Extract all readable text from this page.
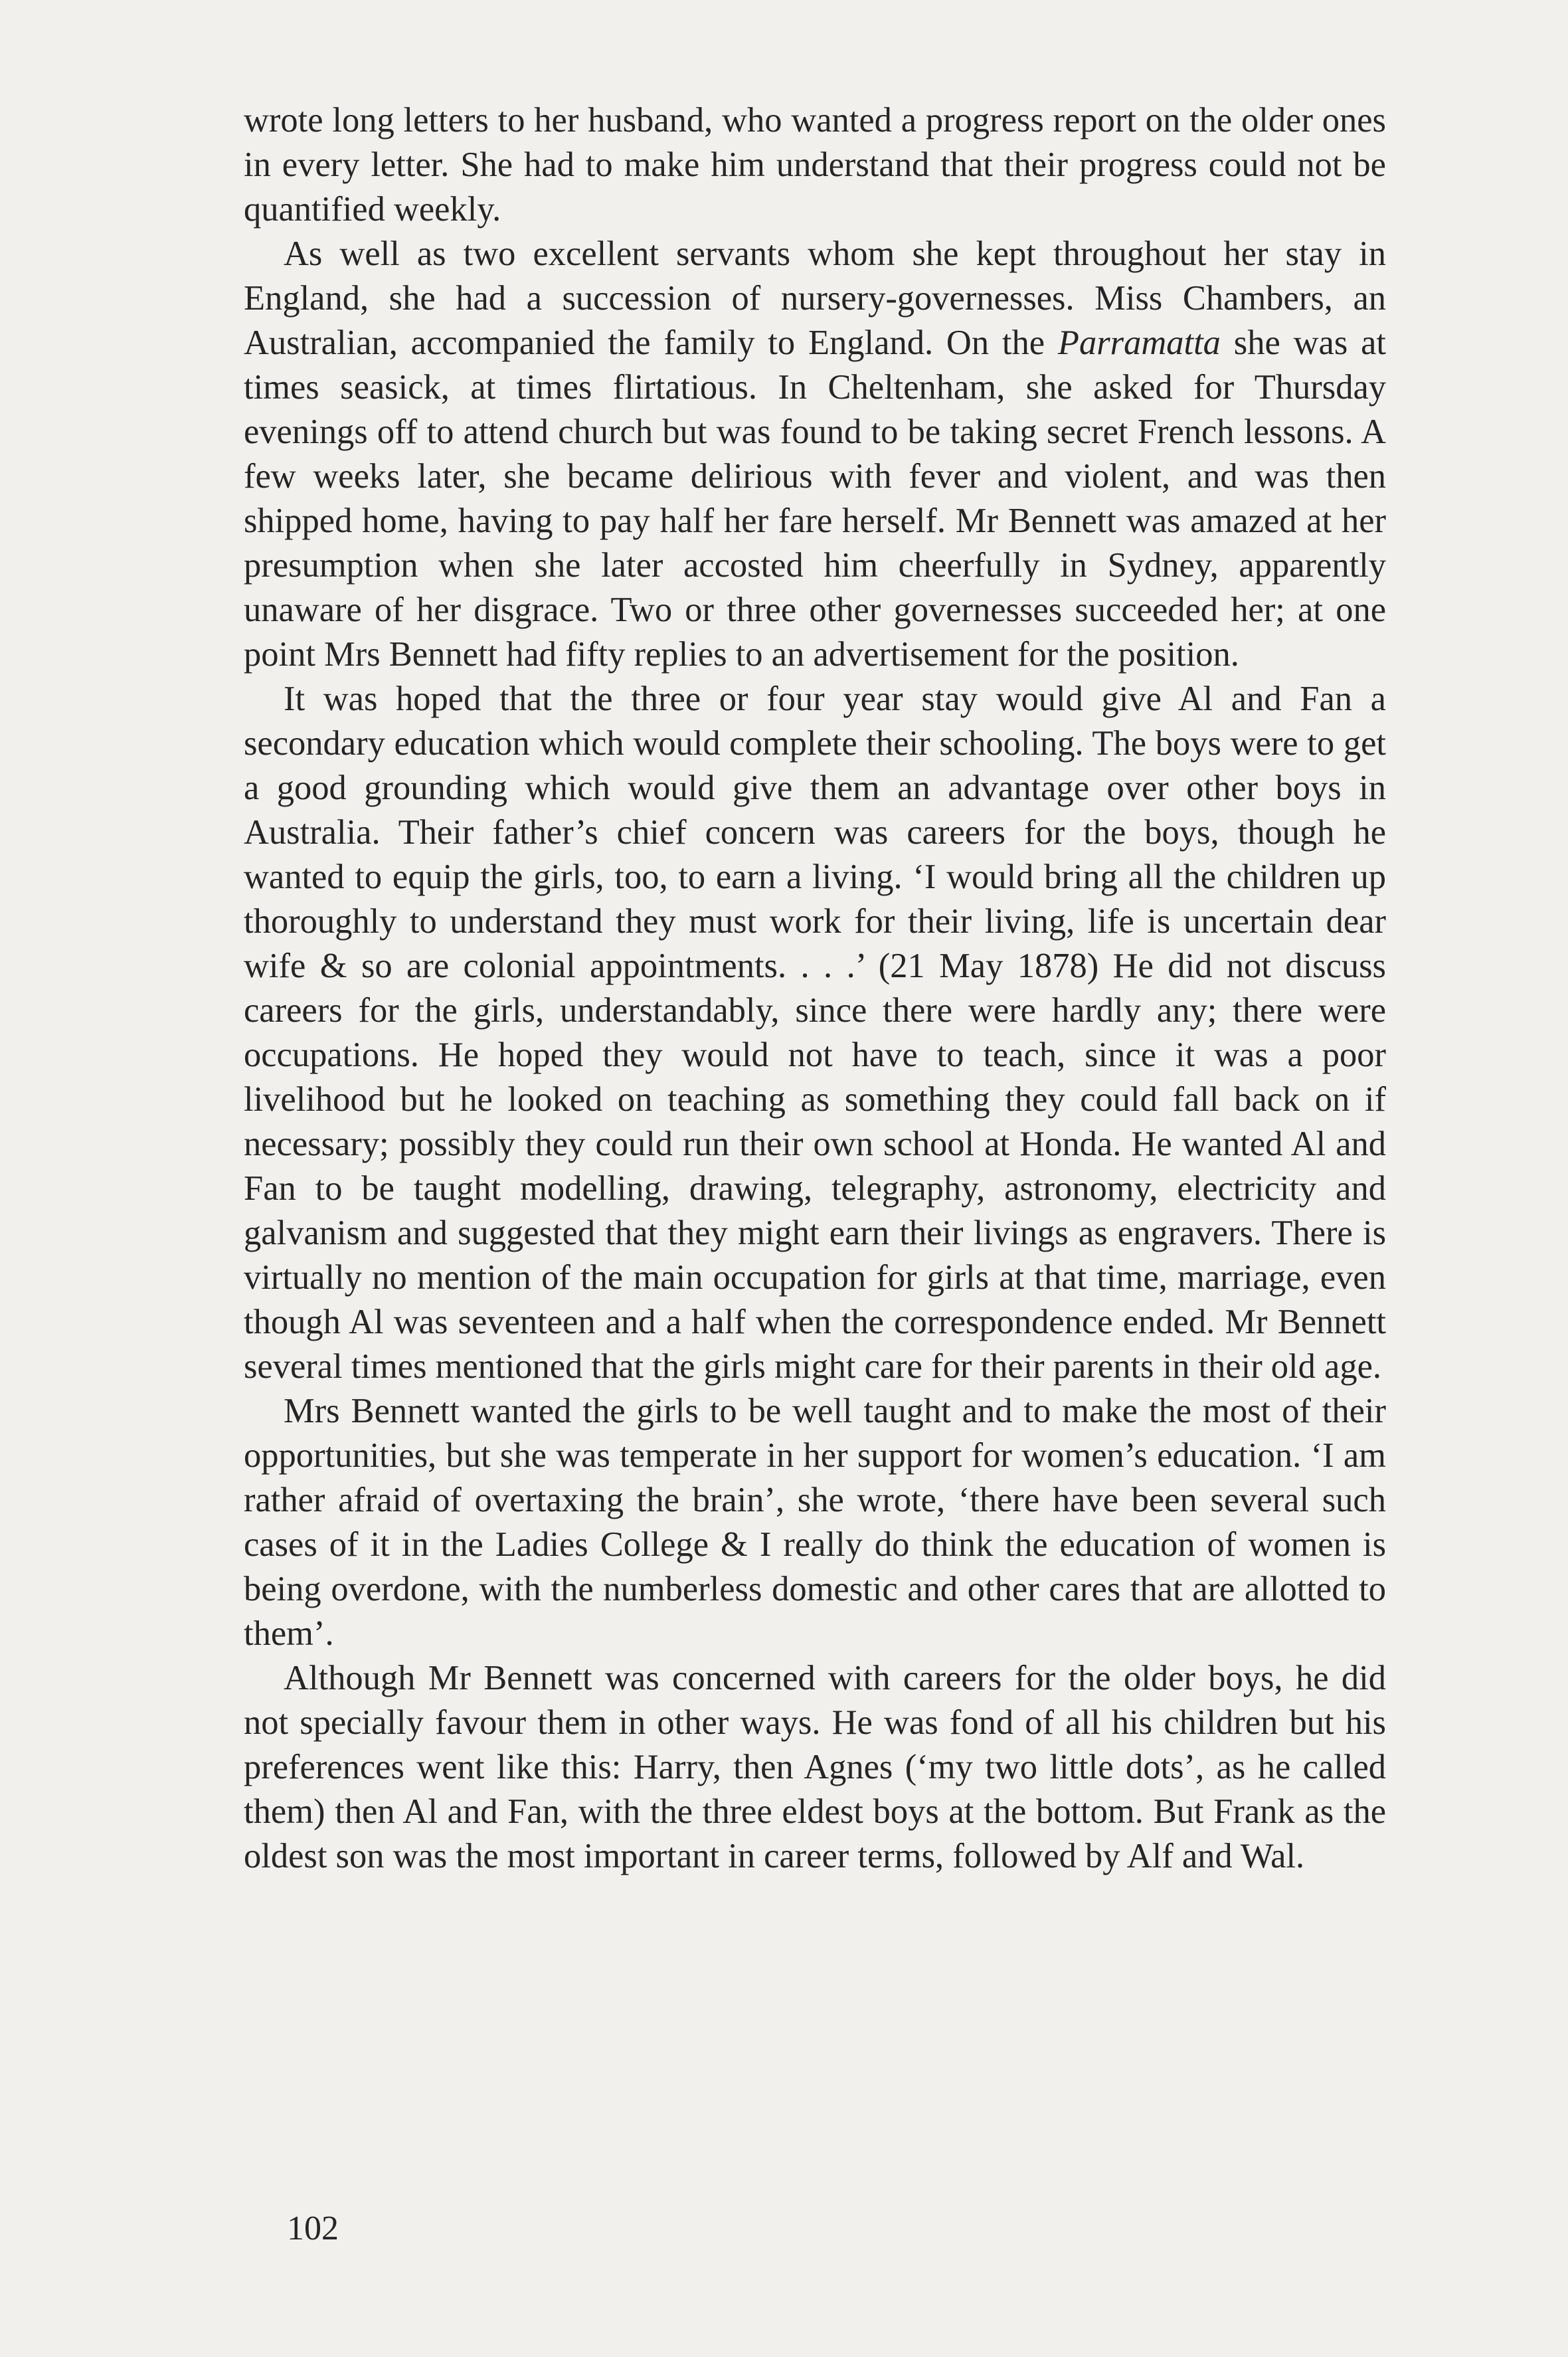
wrote long letters to her husband, who wanted a progress report on the older ones in every letter. She had to make him understand that their progress could not be quantified weekly.

As well as two excellent servants whom she kept throughout her stay in England, she had a succession of nursery-governesses. Miss Chambers, an Australian, accompanied the family to England. On the Parramatta she was at times seasick, at times flirtatious. In Cheltenham, she asked for Thursday evenings off to attend church but was found to be taking secret French lessons. A few weeks later, she became delirious with fever and violent, and was then shipped home, having to pay half her fare herself. Mr Bennett was amazed at her presumption when she later accosted him cheerfully in Sydney, apparently unaware of her disgrace. Two or three other governesses succeeded her; at one point Mrs Bennett had fifty replies to an advertisement for the position.

It was hoped that the three or four year stay would give Al and Fan a secondary education which would complete their schooling. The boys were to get a good grounding which would give them an advantage over other boys in Australia. Their father’s chief concern was careers for the boys, though he wanted to equip the girls, too, to earn a living. ‘I would bring all the children up thoroughly to understand they must work for their living, life is uncertain dear wife & so are colonial appointments. . . .’ (21 May 1878) He did not discuss careers for the girls, understandably, since there were hardly any; there were occupations. He hoped they would not have to teach, since it was a poor livelihood but he looked on teaching as something they could fall back on if necessary; possibly they could run their own school at Honda. He wanted Al and Fan to be taught modelling, drawing, telegraphy, astronomy, electricity and galvanism and suggested that they might earn their livings as engravers. There is virtually no mention of the main occupation for girls at that time, marriage, even though Al was seventeen and a half when the correspondence ended. Mr Bennett several times mentioned that the girls might care for their parents in their old age.

Mrs Bennett wanted the girls to be well taught and to make the most of their opportunities, but she was temperate in her support for women’s education. ‘I am rather afraid of overtaxing the brain’, she wrote, ‘there have been several such cases of it in the Ladies College & I really do think the education of women is being overdone, with the numberless domestic and other cares that are allotted to them’.

Although Mr Bennett was concerned with careers for the older boys, he did not specially favour them in other ways. He was fond of all his children but his preferences went like this: Harry, then Agnes (‘my two little dots’, as he called them) then Al and Fan, with the three eldest boys at the bottom. But Frank as the oldest son was the most important in career terms, followed by Alf and Wal.

102
